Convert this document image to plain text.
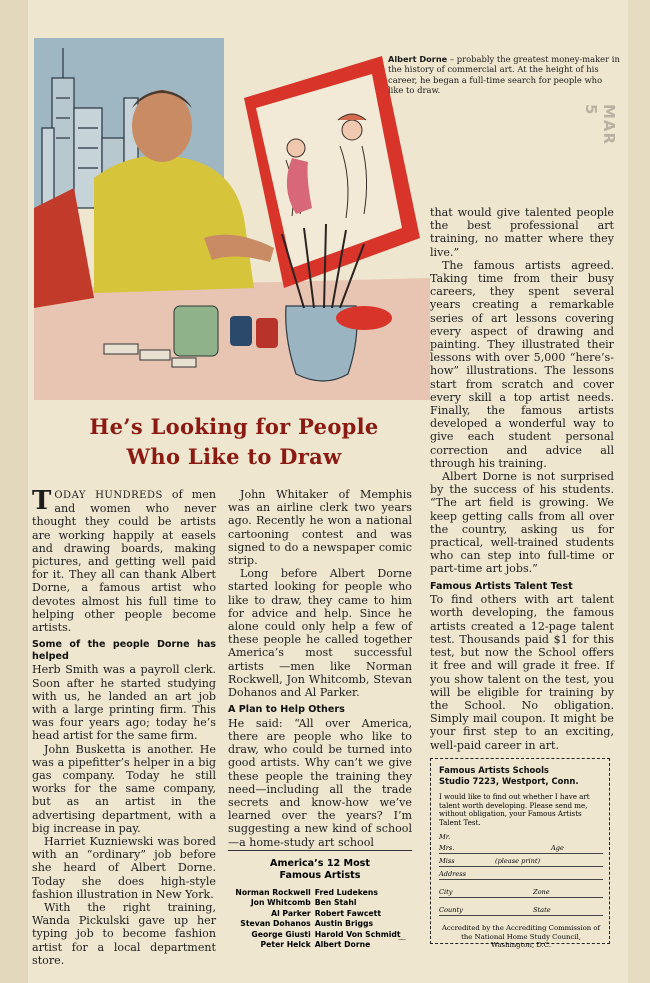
Albert Dorne – probably the greatest money-maker in the history of commercial art. At the height of his career, he began a full-time search for people who like to draw.
MAR 5
He’s Looking for People
Who Like to Draw

TODAY HUNDREDS of men and women who never thought they could be artists are working happily at easels and drawing boards, making pictures, and getting well paid for it. They all can thank Albert Dorne, a famous artist who devotes almost his full time to helping other people become artists.

Some of the people Dorne has helped

Herb Smith was a payroll clerk. Soon after he started studying with us, he landed an art job with a large printing firm. This was four years ago; today he’s head artist for the same firm.

John Busketta is another. He was a pipefitter’s helper in a big gas company. Today he still works for the same company, but as an artist in the advertising department, with a big increase in pay.

Harriet Kuzniewski was bored with an “ordinary” job before she heard of Albert Dorne. Today she does high-style fashion illustration in New York.

With the right training, Wanda Pickulski gave up her typing job to become fashion artist for a local department store.

John Whitaker of Memphis was an airline clerk two years ago. Recently he won a national cartooning contest and was signed to do a newspaper comic strip.

Long before Albert Dorne started looking for people who like to draw, they came to him for advice and help. Since he alone could only help a few of these people he called together America’s most successful artists —men like Norman Rockwell, Jon Whitcomb, Stevan Dohanos and Al Parker.

A Plan to Help Others

He said: “All over America, there are people who like to draw, who could be turned into good artists. Why can’t we give these people the training they need—including all the trade secrets and know-how we’ve learned over the years? I’m suggesting a new kind of school—a home-study art school

America’s 12 Most
Famous Artists
Norman Rockwell	Fred Ludekens
Jon Whitcomb	Ben Stahl
Al Parker	Robert Fawcett
Stevan Dohanos	Austin Briggs
George Giusti	Harold Von Schmidt
Peter Helck	Albert Dorne

that would give talented people the best professional art training, no matter where they live.”

The famous artists agreed. Taking time from their busy careers, they spent several years creating a remarkable series of art lessons covering every aspect of drawing and painting. They illustrated their lessons with over 5,000 “here’s-how” illustrations. The lessons start from scratch and cover every skill a top artist needs. Finally, the famous artists developed a wonderful way to give each student personal correction and advice all through his training.

Albert Dorne is not surprised by the success of his students. “The art field is growing. We keep getting calls from all over the country, asking us for practical, well-trained students who can step into full-time or part-time art jobs.”

Famous Artists Talent Test

To find others with art talent worth developing, the famous artists created a 12-page talent test. Thousands paid $1 for this test, but now the School offers it free and will grade it free. If you show talent on the test, you will be eligible for training by the School. No obligation. Simply mail coupon. It might be your first step to an exciting, well-paid career in art.

Famous Artists Schools
Studio 7223, Westport, Conn.
I would like to find out whether I have art talent worth developing. Please send me, without obligation, your Famous Artists Talent Test.
Mr.
Mrs.	Age
Miss	(please print)
Address
City	Zone
County	State
Accredited by the Accrediting Commission of the National Home Study Council, Washington, D.C.
⁓
